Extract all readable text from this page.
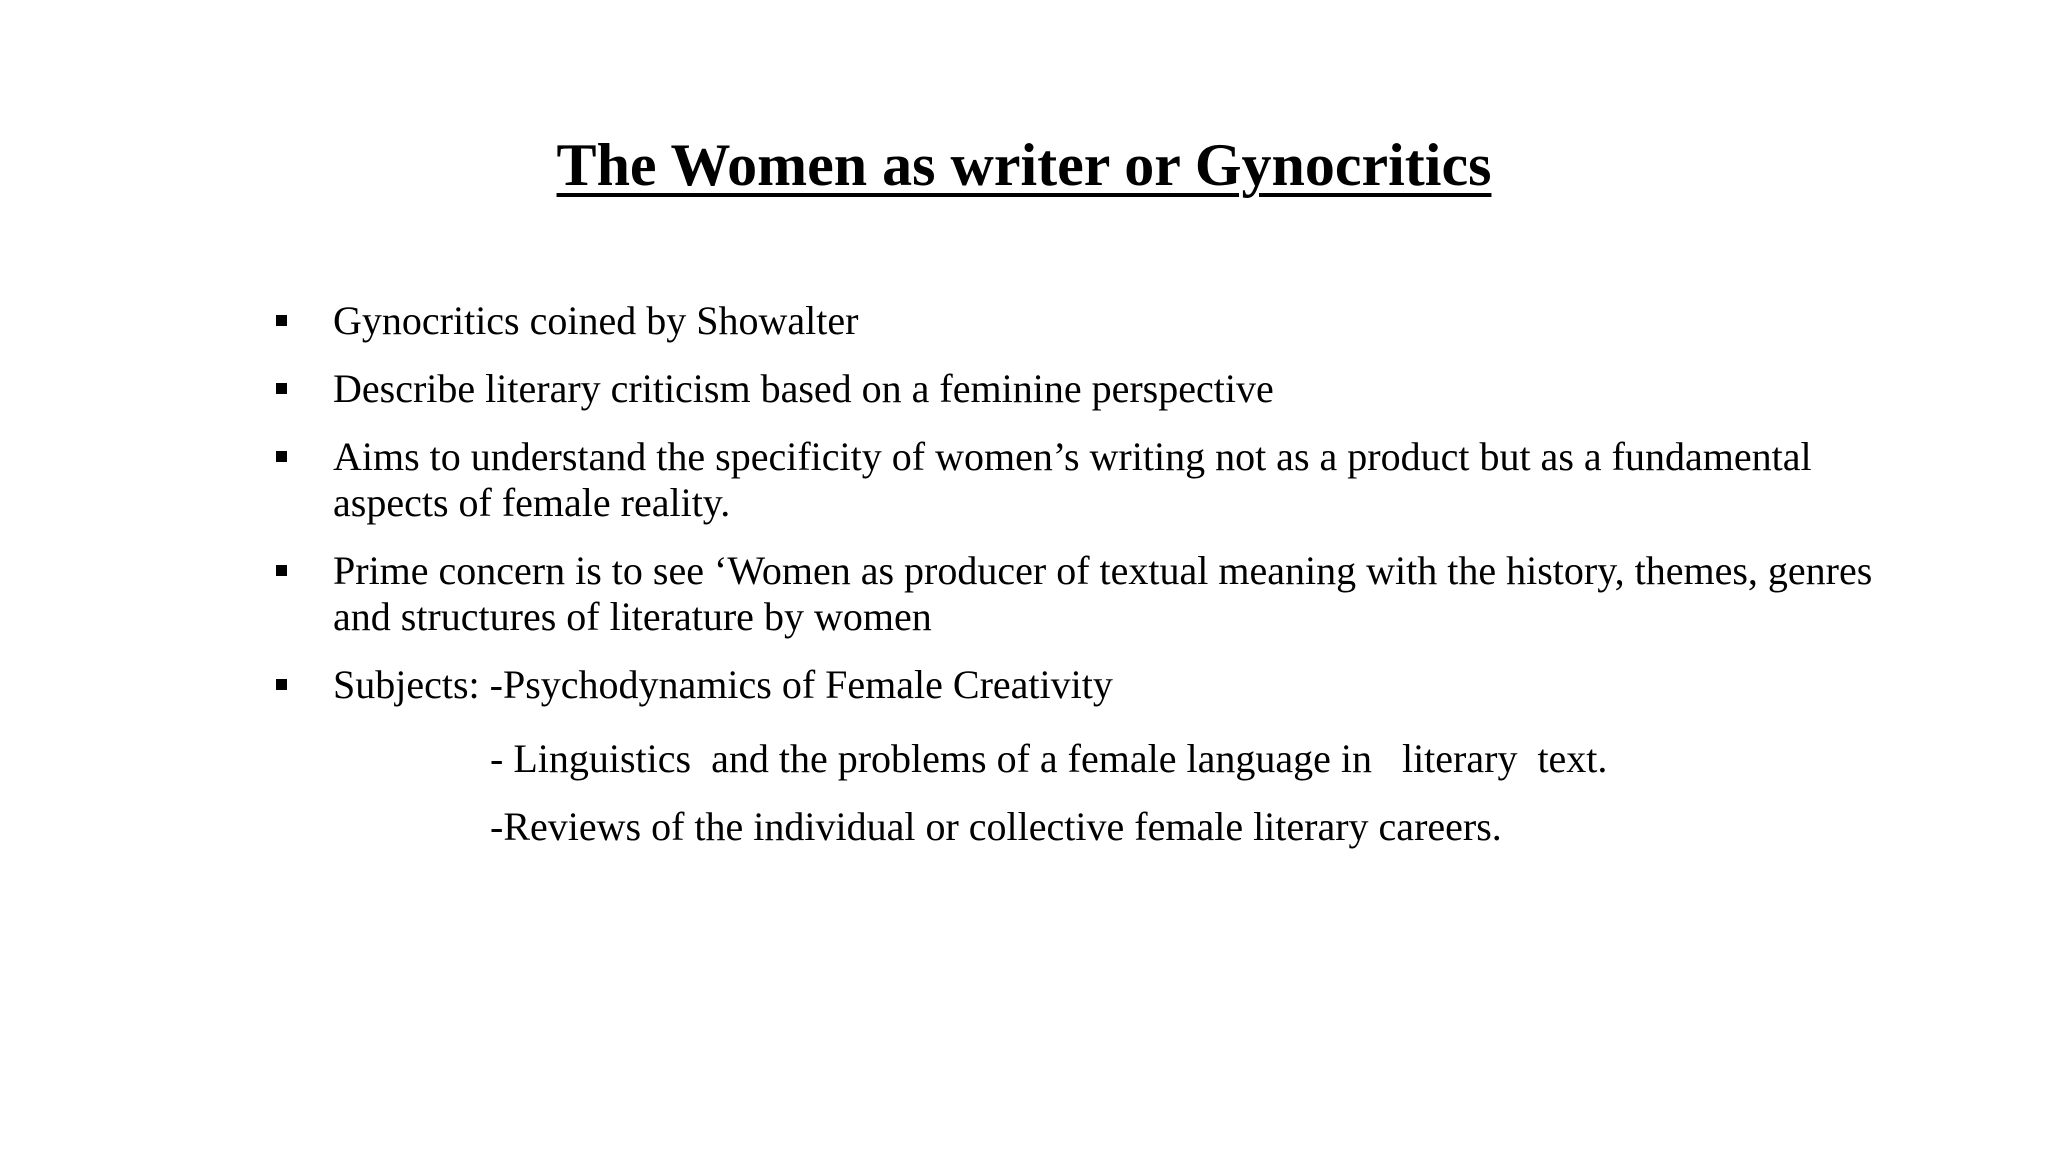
The Women as writer or Gynocritics
Gynocritics coined by Showalter
Describe literary criticism based on a feminine perspective
Aims to understand the specificity of women’s writing not as a product but as a fundamental aspects of female reality.
Prime concern is to see ‘Women as producer of textual meaning with the history, themes, genres and structures of literature by women
Subjects: -Psychodynamics of Female Creativity
- Linguistics  and the problems of a female language in   literary  text.
-Reviews of the individual or collective female literary careers.
